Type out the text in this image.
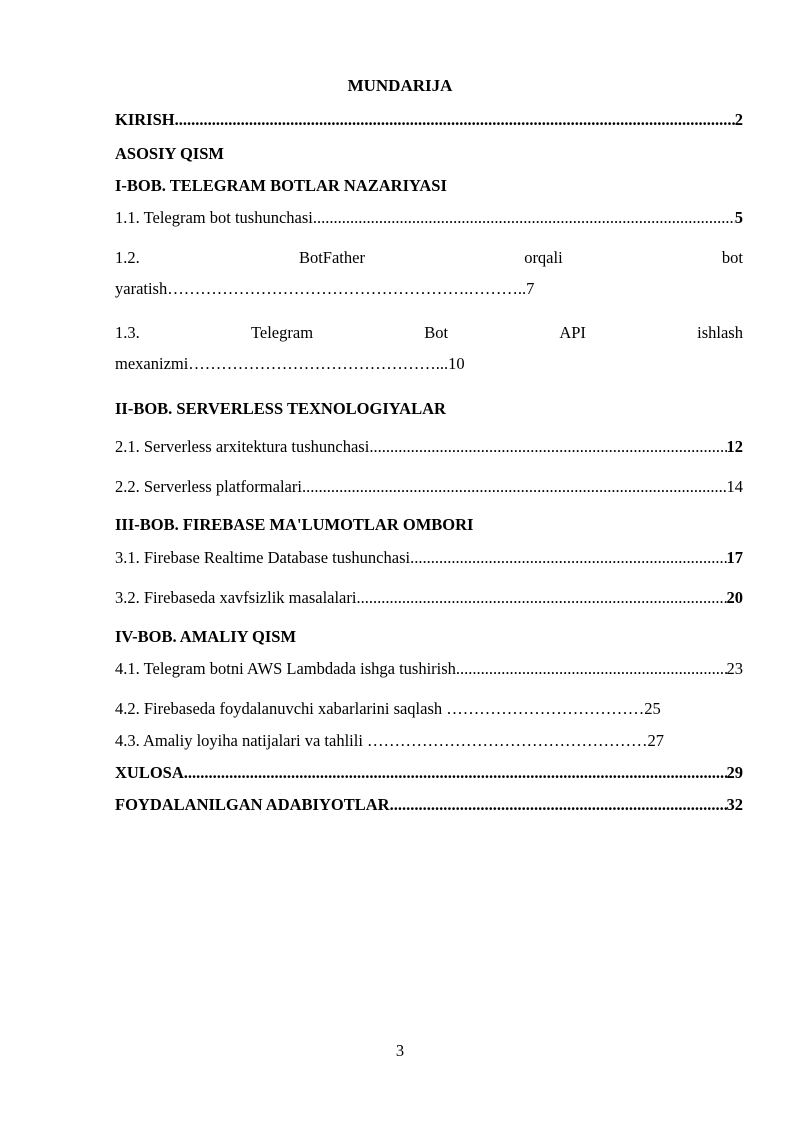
MUNDARIJA
KIRISH .....	2
ASOSIY QISM
I-BOB. TELEGRAM BOTLAR NAZARIYASI
1.1. Telegram bot tushunchasi .....	5
1.2.	BotFather	orqali	bot
yaratish……………………………………………….………..7
1.3.	Telegram	Bot	API	ishlash
mexanizmi………………………………………...10
II-BOB. SERVERLESS TEXNOLOGIYALAR
2.1. Serverless arxitektura tushunchasi .....	12
2.2. Serverless platformalari .....	14
III-BOB. FIREBASE MA'LUMOTLAR OMBORI
3.1. Firebase Realtime Database tushunchasi .....	17
3.2. Firebaseda xavfsizlik masalalari .....	20
IV-BOB. AMALIY QISM
4.1. Telegram botni AWS Lambdada ishga tushirish .....	23
4.2. Firebaseda foydalanuvchi xabarlarini saqlash ………………………………25
4.3. Amaliy loyiha natijalari va tahlili ……………………………………………27
XULOSA .....	29
FOYDALANILGAN ADABIYOTLAR .....	32
3
